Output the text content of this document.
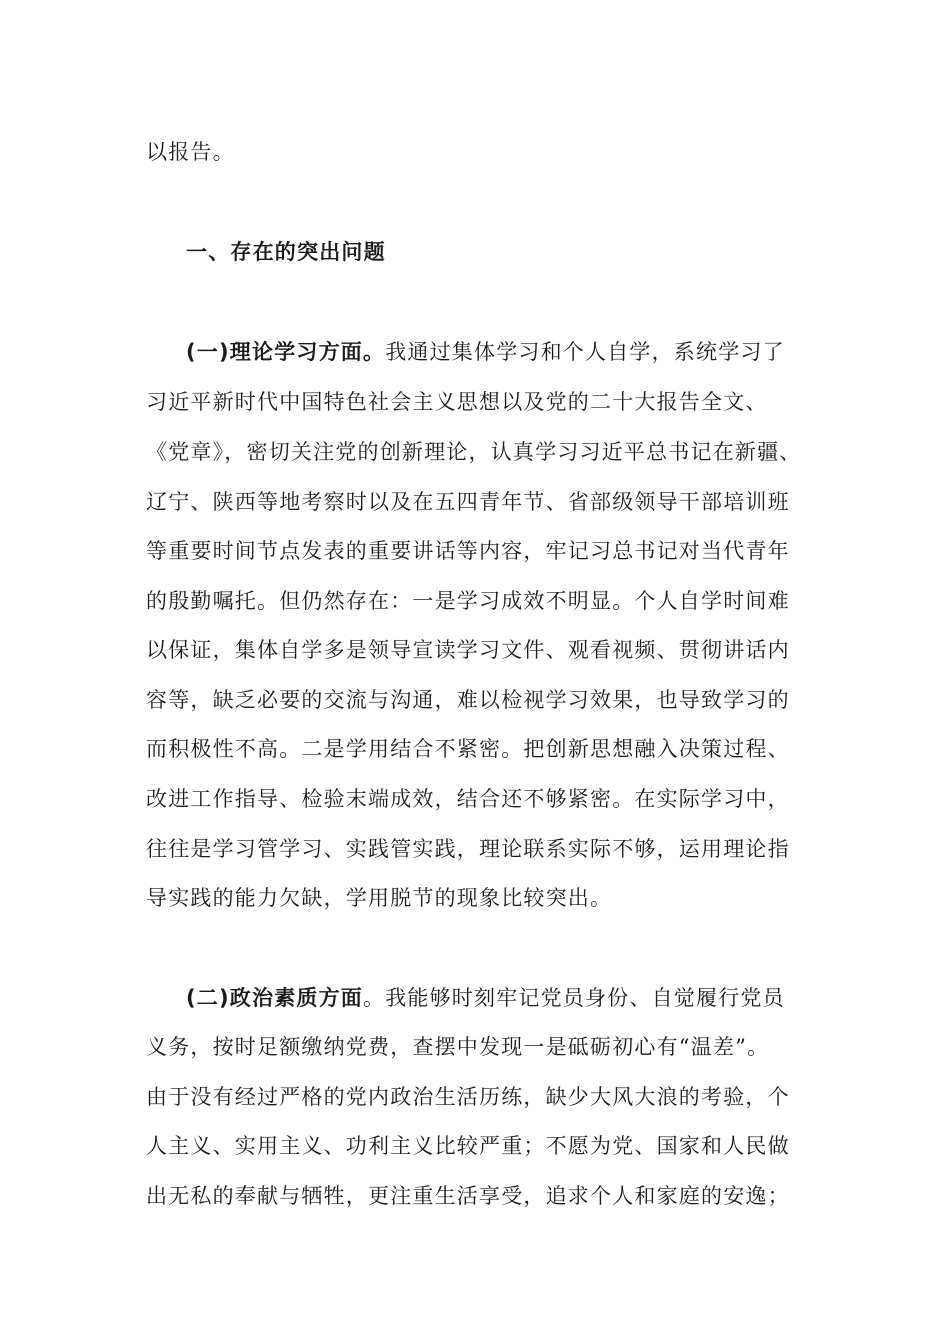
以报告。
一、存在的突出问题
(一)理论学习方面。我通过集体学习和个人自学，系统学习了
习近平新时代中国特色社会主义思想以及党的二十大报告全文、
《党章》，密切关注党的创新理论，认真学习习近平总书记在新疆、
辽宁、陕西等地考察时以及在五四青年节、省部级领导干部培训班
等重要时间节点发表的重要讲话等内容，牢记习总书记对当代青年
的殷勤嘱托。但仍然存在：一是学习成效不明显。个人自学时间难
以保证，集体自学多是领导宣读学习文件、观看视频、贯彻讲话内
容等，缺乏必要的交流与沟通，难以检视学习效果，也导致学习的
而积极性不高。二是学用结合不紧密。把创新思想融入决策过程、
改进工作指导、检验末端成效，结合还不够紧密。在实际学习中，
往往是学习管学习、实践管实践，理论联系实际不够，运用理论指
导实践的能力欠缺，学用脱节的现象比较突出。
(二)政治素质方面。我能够时刻牢记党员身份、自觉履行党员
义务，按时足额缴纳党费，查摆中发现一是砥砺初心有“温差”。
由于没有经过严格的党内政治生活历练，缺少大风大浪的考验，个
人主义、实用主义、功利主义比较严重；不愿为党、国家和人民做
出无私的奉献与牺牲，更注重生活享受，追求个人和家庭的安逸；
